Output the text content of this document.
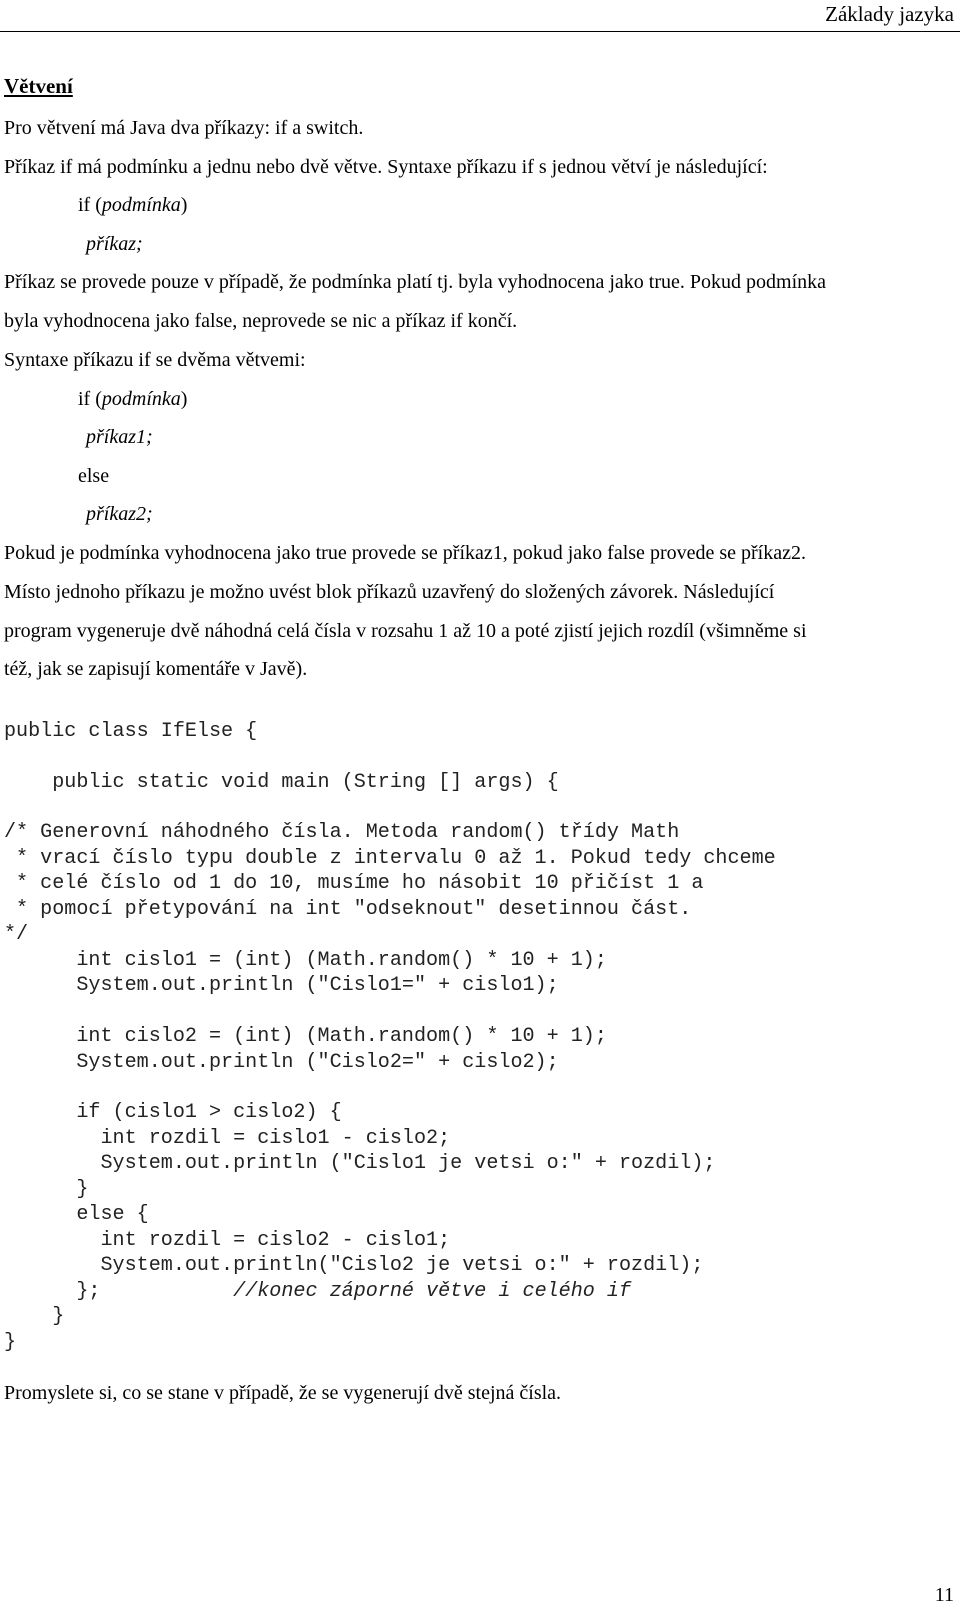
Základy jazyka
Větvení
Pro větvení má Java dva příkazy: if a switch.
Příkaz if má podmínku a jednu nebo dvě větve. Syntaxe příkazu if s jednou větví je následující:
if (podmínka)
příkaz;
Příkaz se provede pouze v případě, že podmínka platí tj. byla vyhodnocena jako true. Pokud podmínka
byla vyhodnocena jako false, neprovede se nic a příkaz if končí.
Syntaxe příkazu if se dvěma větvemi:
if (podmínka)
příkaz1;
else
příkaz2;
Pokud je podmínka vyhodnocena jako true provede se příkaz1, pokud jako false provede se příkaz2.
Místo jednoho příkazu je možno uvést blok příkazů uzavřený do složených závorek. Následující
program vygeneruje dvě náhodná celá čísla v rozsahu 1 až 10 a poté zjistí jejich rozdíl (všimněme si
též, jak se zapisují komentáře v Javě).
public class IfElse {
public static void main (String [] args) {
/* Generovní náhodného čísla. Metoda random() třídy Math
* vrací číslo typu double z intervalu 0 až 1. Pokud tedy chceme
* celé číslo od 1 do 10, musíme ho násobit 10 přičíst 1 a
* pomocí přetypování na int "odseknout" desetinnou část.
*/
int cislo1 = (int) (Math.random() * 10 + 1);
System.out.println ("Cislo1=" + cislo1);
int cislo2 = (int) (Math.random() * 10 + 1);
System.out.println ("Cislo2=" + cislo2);
if (cislo1 > cislo2) {
int rozdil = cislo1 - cislo2;
System.out.println ("Cislo1 je vetsi o:" + rozdil);
}
else {
int rozdil = cislo2 - cislo1;
System.out.println("Cislo2 je vetsi o:" + rozdil);
};           //konec záporné větve i celého if
}
}
Promyslete si, co se stane v případě, že se vygenerují dvě stejná čísla.
11
